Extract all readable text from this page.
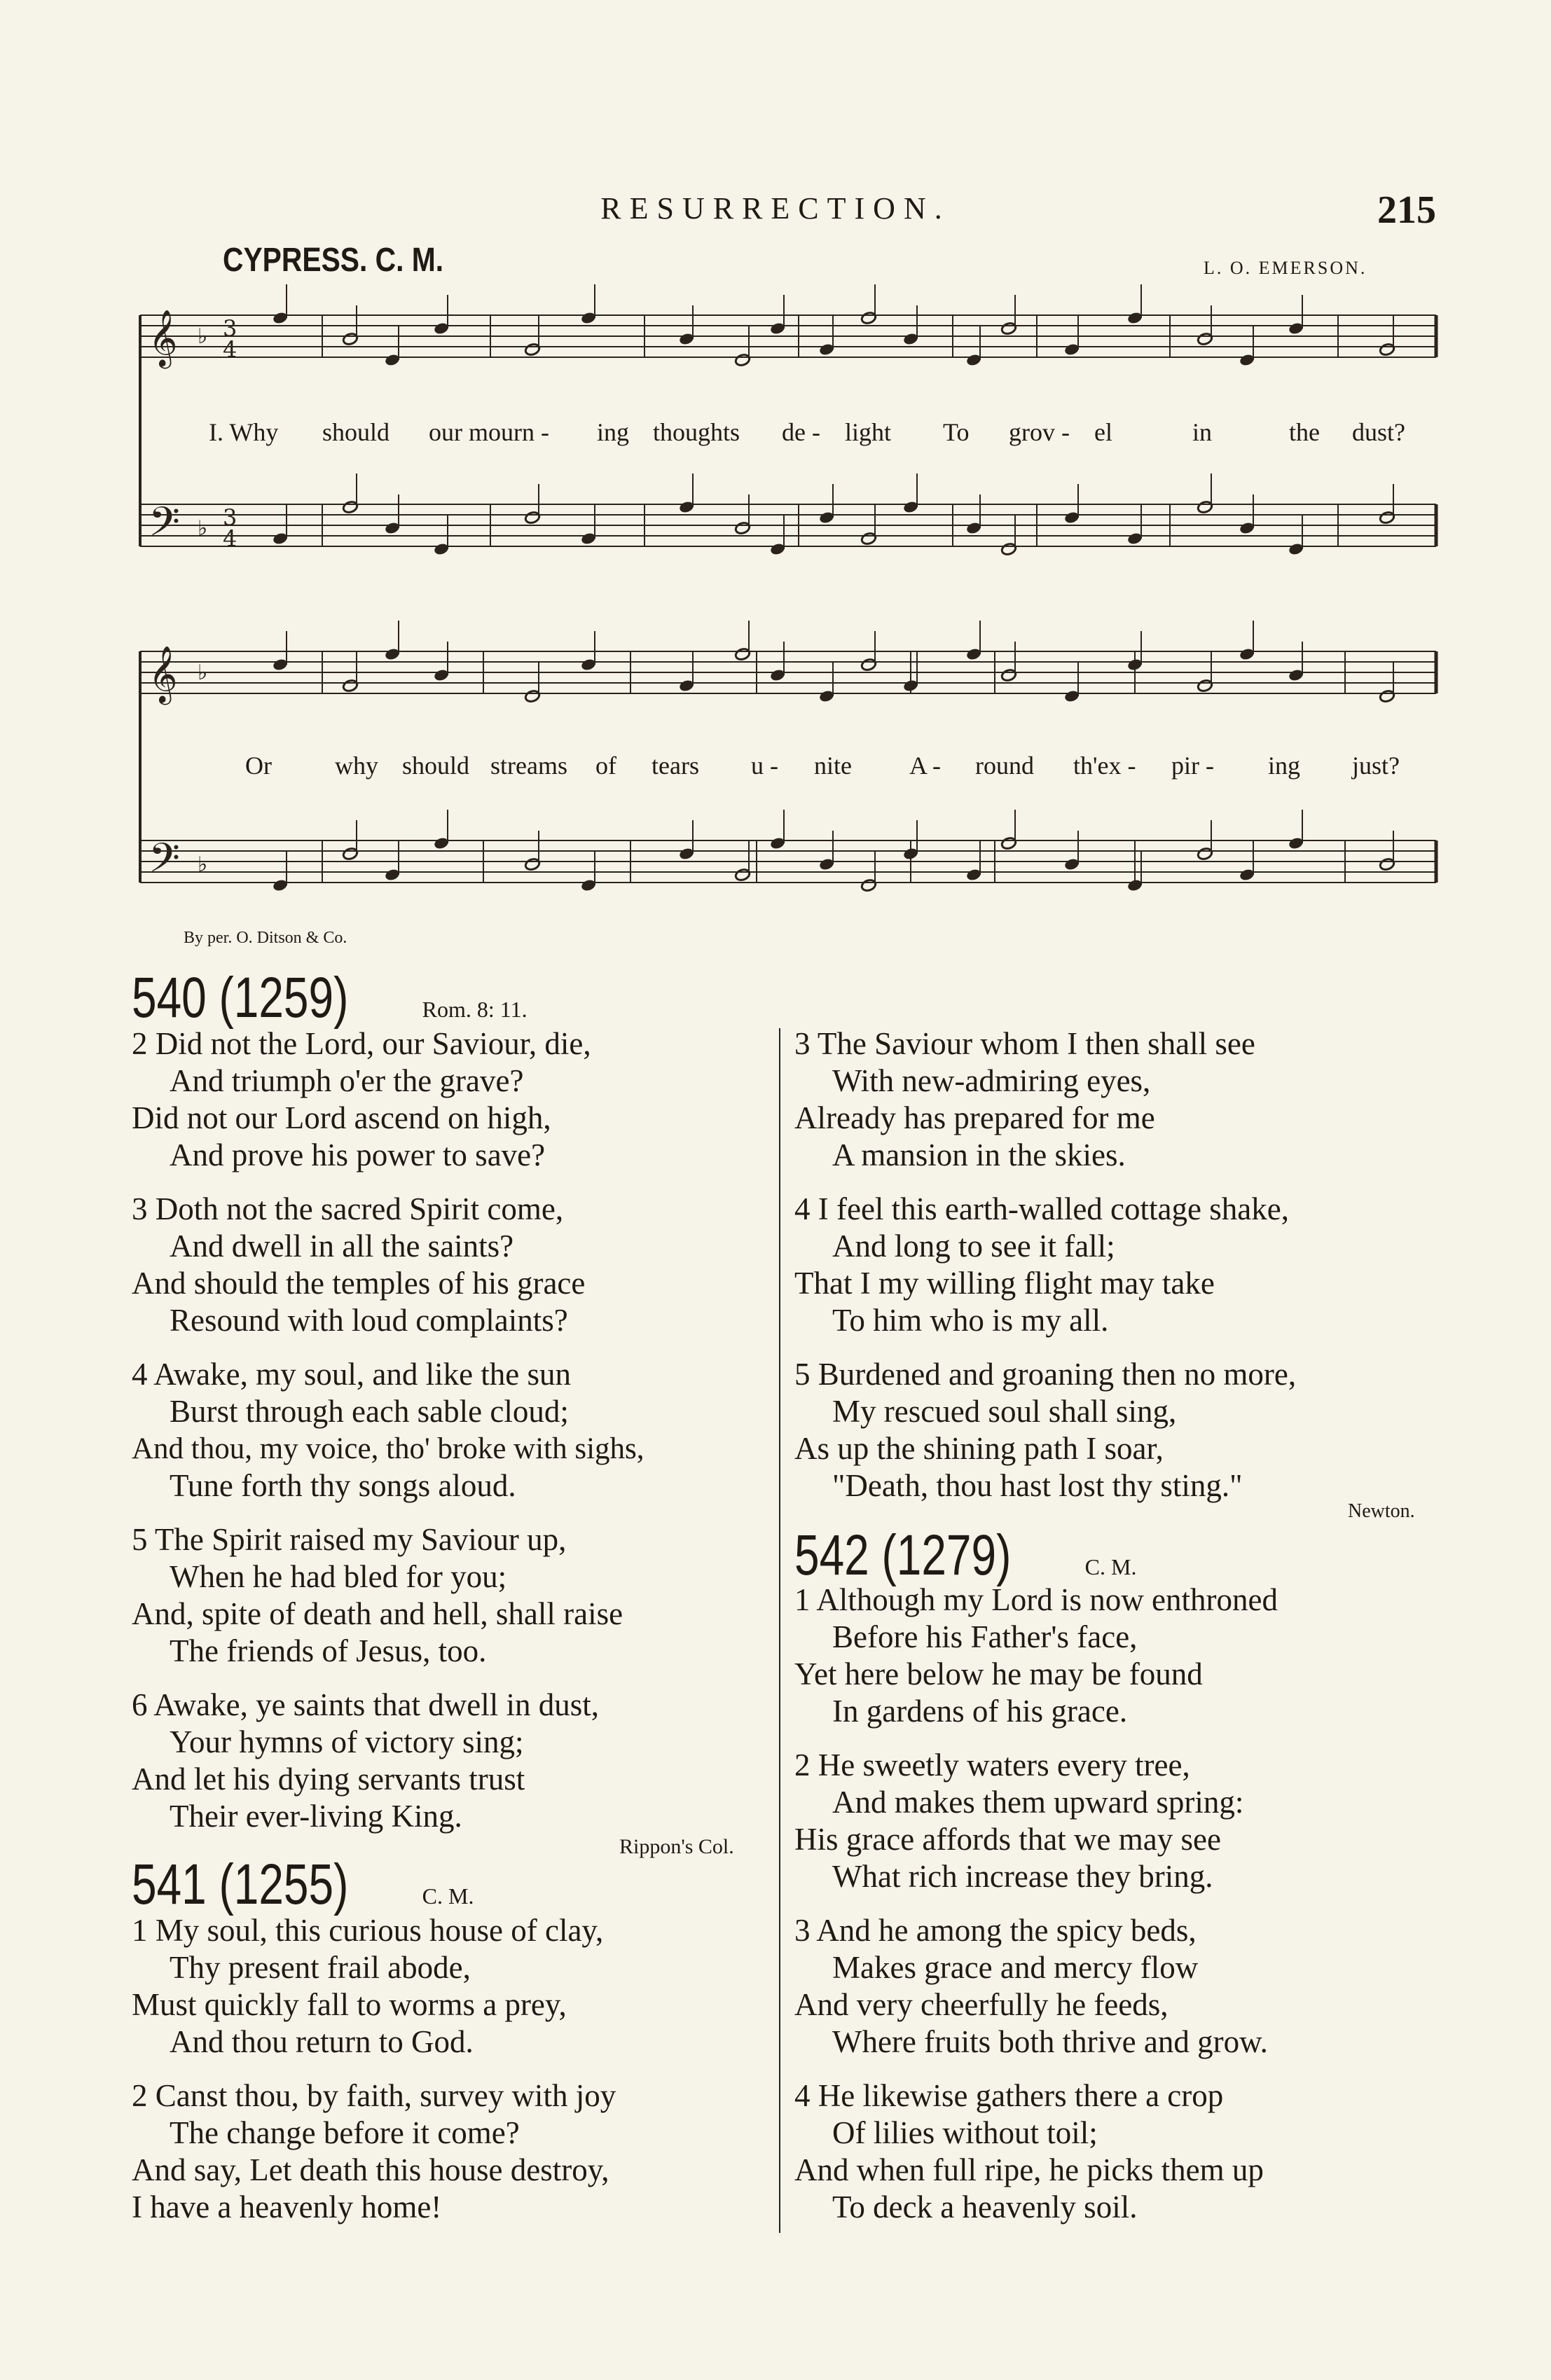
RESURRECTION.	215
CYPRESS. C. M.	L. O. EMERSON.
𝄞 ♭
𝄢 ♭
𝄞 ♭
𝄢 ♭
3
4
3
4
I. Why should our mourn - ing thoughts de - light To grov - el	in	the dust?
Or	why should streams of tears u - nite A - round th'ex - pir - ing just?
By per. O. Ditson & Co.
540 (1259)	Rom. 8: 11.
2 Did not the Lord, our Saviour, die,
And triumph o'er the grave?
Did not our Lord ascend on high,
And prove his power to save?
3 Doth not the sacred Spirit come,
And dwell in all the saints?
And should the temples of his grace
Resound with loud complaints?
4 Awake, my soul, and like the sun
Burst through each sable cloud;
And thou, my voice, tho' broke with sighs,
Tune forth thy songs aloud.
5 The Spirit raised my Saviour up,
When he had bled for you;
And, spite of death and hell, shall raise
The friends of Jesus, too.
6 Awake, ye saints that dwell in dust,
Your hymns of victory sing;
And let his dying servants trust
Their ever-living King.
Rippon's Col.
541 (1255)	C. M.
1 My soul, this curious house of clay,
Thy present frail abode,
Must quickly fall to worms a prey,
And thou return to God.
2 Canst thou, by faith, survey with joy
The change before it come?
And say, Let death this house destroy,
I have a heavenly home!
3 The Saviour whom I then shall see
With new-admiring eyes,
Already has prepared for me
A mansion in the skies.
4 I feel this earth-walled cottage shake,
And long to see it fall;
That I my willing flight may take
To him who is my all.
5 Burdened and groaning then no more,
My rescued soul shall sing,
As up the shining path I soar,
"Death, thou hast lost thy sting."
Newton.
542 (1279)	C. M.
1 Although my Lord is now enthroned
Before his Father's face,
Yet here below he may be found
In gardens of his grace.
2 He sweetly waters every tree,
And makes them upward spring:
His grace affords that we may see
What rich increase they bring.
3 And he among the spicy beds,
Makes grace and mercy flow
And very cheerfully he feeds,
Where fruits both thrive and grow.
4 He likewise gathers there a crop
Of lilies without toil;
And when full ripe, he picks them up
To deck a heavenly soil.
